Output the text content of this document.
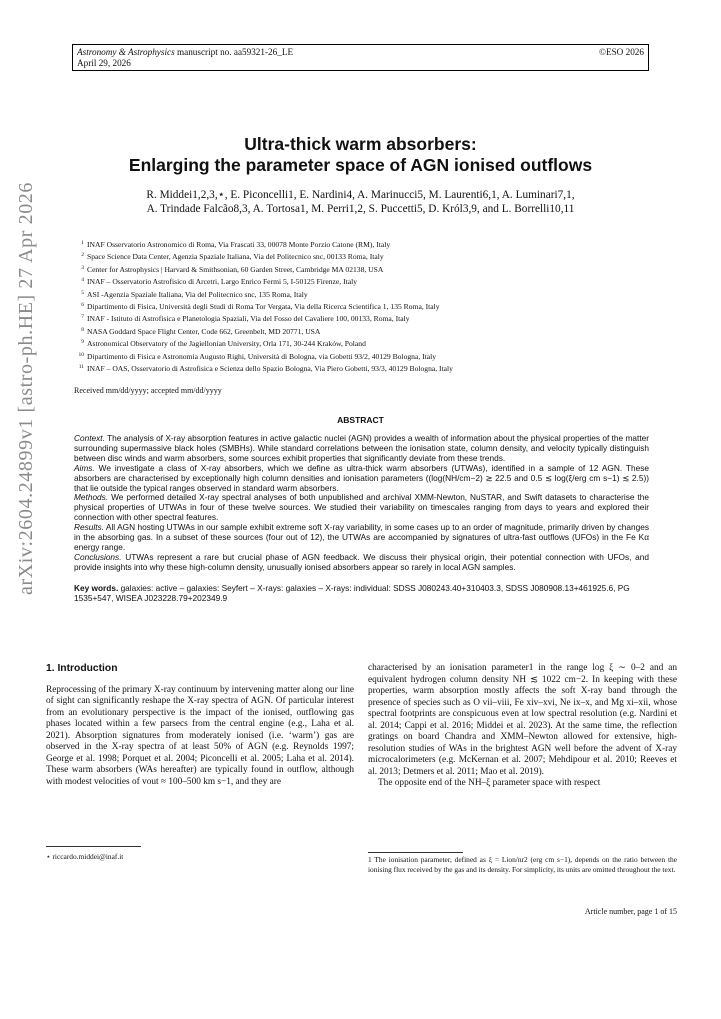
Astronomy & Astrophysics manuscript no. aa59321-26_LE
April 29, 2026
©ESO 2026
arXiv:2604.24899v1 [astro-ph.HE] 27 Apr 2026
Ultra-thick warm absorbers:
Enlarging the parameter space of AGN ionised outflows
R. Middei1,2,3,⋆, E. Piconcelli1, E. Nardini4, A. Marinucci5, M. Laurenti6,1, A. Luminari7,1,
A. Trindade Falcão8,3, A. Tortosa1, M. Perri1,2, S. Puccetti5, D. Król3,9, and L. Borrelli10,11
$^1$ INAF Osservatorio Astronomico di Roma, Via Frascati 33, 00078 Monte Porzio Catone (RM), Italy
$^2$ Space Science Data Center, Agenzia Spaziale Italiana, Via del Politecnico snc, 00133 Roma, Italy
$^3$ Center for Astrophysics | Harvard & Smithsonian, 60 Garden Street, Cambridge MA 02138, USA
$^4$ INAF – Osservatorio Astrofisico di Arcetri, Largo Enrico Fermi 5, I-50125 Firenze, Italy
$^5$ ASI -Agenzia Spaziale Italiana, Via del Politecnico snc, 135 Roma, Italy
$^6$ Dipartimento di Fisica, Università degli Studi di Roma Tor Vergata, Via della Ricerca Scientifica 1, 135 Roma, Italy
$^7$ INAF - Istituto di Astrofisica e Planetologia Spaziali, Via del Fosso del Cavaliere 100, 00133, Roma, Italy
$^8$ NASA Goddard Space Flight Center, Code 662, Greenbelt, MD 20771, USA
$^9$ Astronomical Observatory of the Jagiellonian University, Orla 171, 30-244 Kraków, Poland
$^{10}$ Dipartimento di Fisica e Astronomia Augusto Righi, Università di Bologna, via Gobetti 93/2, 40129 Bologna, Italy
$^{11}$ INAF – OAS, Osservatorio di Astrofisica e Scienza dello Spazio Bologna, Via Piero Gobetti, 93/3, 40129 Bologna, Italy
Received mm/dd/yyyy; accepted mm/dd/yyyy
ABSTRACT

Context. The analysis of X-ray absorption features in active galactic nuclei (AGN) provides a wealth of information about the physical properties of the matter surrounding supermassive black holes (SMBHs). While standard correlations between the ionisation state, column density, and velocity typically distinguish between disc winds and warm absorbers, some sources exhibit properties that significantly deviate from these trends.

Aims. We investigate a class of X-ray absorbers, which we define as ultra-thick warm absorbers (UTWAs), identified in a sample of 12 AGN. These absorbers are characterised by exceptionally high column densities and ionisation parameters ((log(NH/cm−2) ≳ 22.5 and 0.5 ≲ log(ξ/erg cm s−1) ≲ 2.5)) that lie outside the typical ranges observed in standard warm absorbers.

Methods. We performed detailed X-ray spectral analyses of both unpublished and archival XMM-Newton, NuSTAR, and Swift datasets to characterise the physical properties of UTWAs in four of these twelve sources. We studied their variability on timescales ranging from days to years and explored their connection with other spectral features.

Results. All AGN hosting UTWAs in our sample exhibit extreme soft X-ray variability, in some cases up to an order of magnitude, primarily driven by changes in the absorbing gas. In a subset of these sources (four out of 12), the UTWAs are accompanied by signatures of ultra-fast outflows (UFOs) in the Fe Kα energy range.

Conclusions. UTWAs represent a rare but crucial phase of AGN feedback. We discuss their physical origin, their potential connection with UFOs, and provide insights into why these high-column density, unusually ionised absorbers appear so rarely in local AGN samples.

Key words. galaxies: active – galaxies: Seyfert – X-rays: galaxies – X-rays: individual: SDSS J080243.40+310403.3, SDSS J080908.13+461925.6, PG 1535+547, WISEA J023228.79+202349.9
1. Introduction

Reprocessing of the primary X-ray continuum by intervening matter along our line of sight can significantly reshape the X-ray spectra of AGN. Of particular interest from an evolutionary perspective is the impact of the ionised, outflowing gas phases located within a few parsecs from the central engine (e.g., Laha et al. 2021). Absorption signatures from moderately ionised (i.e. ‘warm’) gas are observed in the X-ray spectra of at least 50% of AGN (e.g. Reynolds 1997; George et al. 1998; Porquet et al. 2004; Piconcelli et al. 2005; Laha et al. 2014). These warm absorbers (WAs hereafter) are typically found in outflow, although with modest velocities of vout ≈ 100–500 km s−1, and they are

characterised by an ionisation parameter1 in the range log ξ ∼ 0–2 and an equivalent hydrogen column density NH ≲ 1022 cm−2. In keeping with these properties, warm absorption mostly affects the soft X-ray band through the presence of species such as O vii–viii, Fe xiv–xvi, Ne ix–x, and Mg xi–xii, whose spectral footprints are conspicuous even at low spectral resolution (e.g. Nardini et al. 2014; Cappi et al. 2016; Middei et al. 2023). At the same time, the reflection gratings on board Chandra and XMM–Newton allowed for extensive, high-resolution studies of WAs in the brightest AGN well before the advent of X-ray microcalorimeters (e.g. McKernan et al. 2007; Mehdipour et al. 2010; Reeves et al. 2013; Detmers et al. 2011; Mao et al. 2019).

The opposite end of the NH–ξ parameter space with respect

⋆ riccardo.middei@inaf.it	1 The ionisation parameter, defined as ξ = Lion/nr2 (erg cm s−1), depends on the ratio between the ionising flux received by the gas and its density. For simplicity, its units are omitted throughout the text.
Article number, page 1 of 15
